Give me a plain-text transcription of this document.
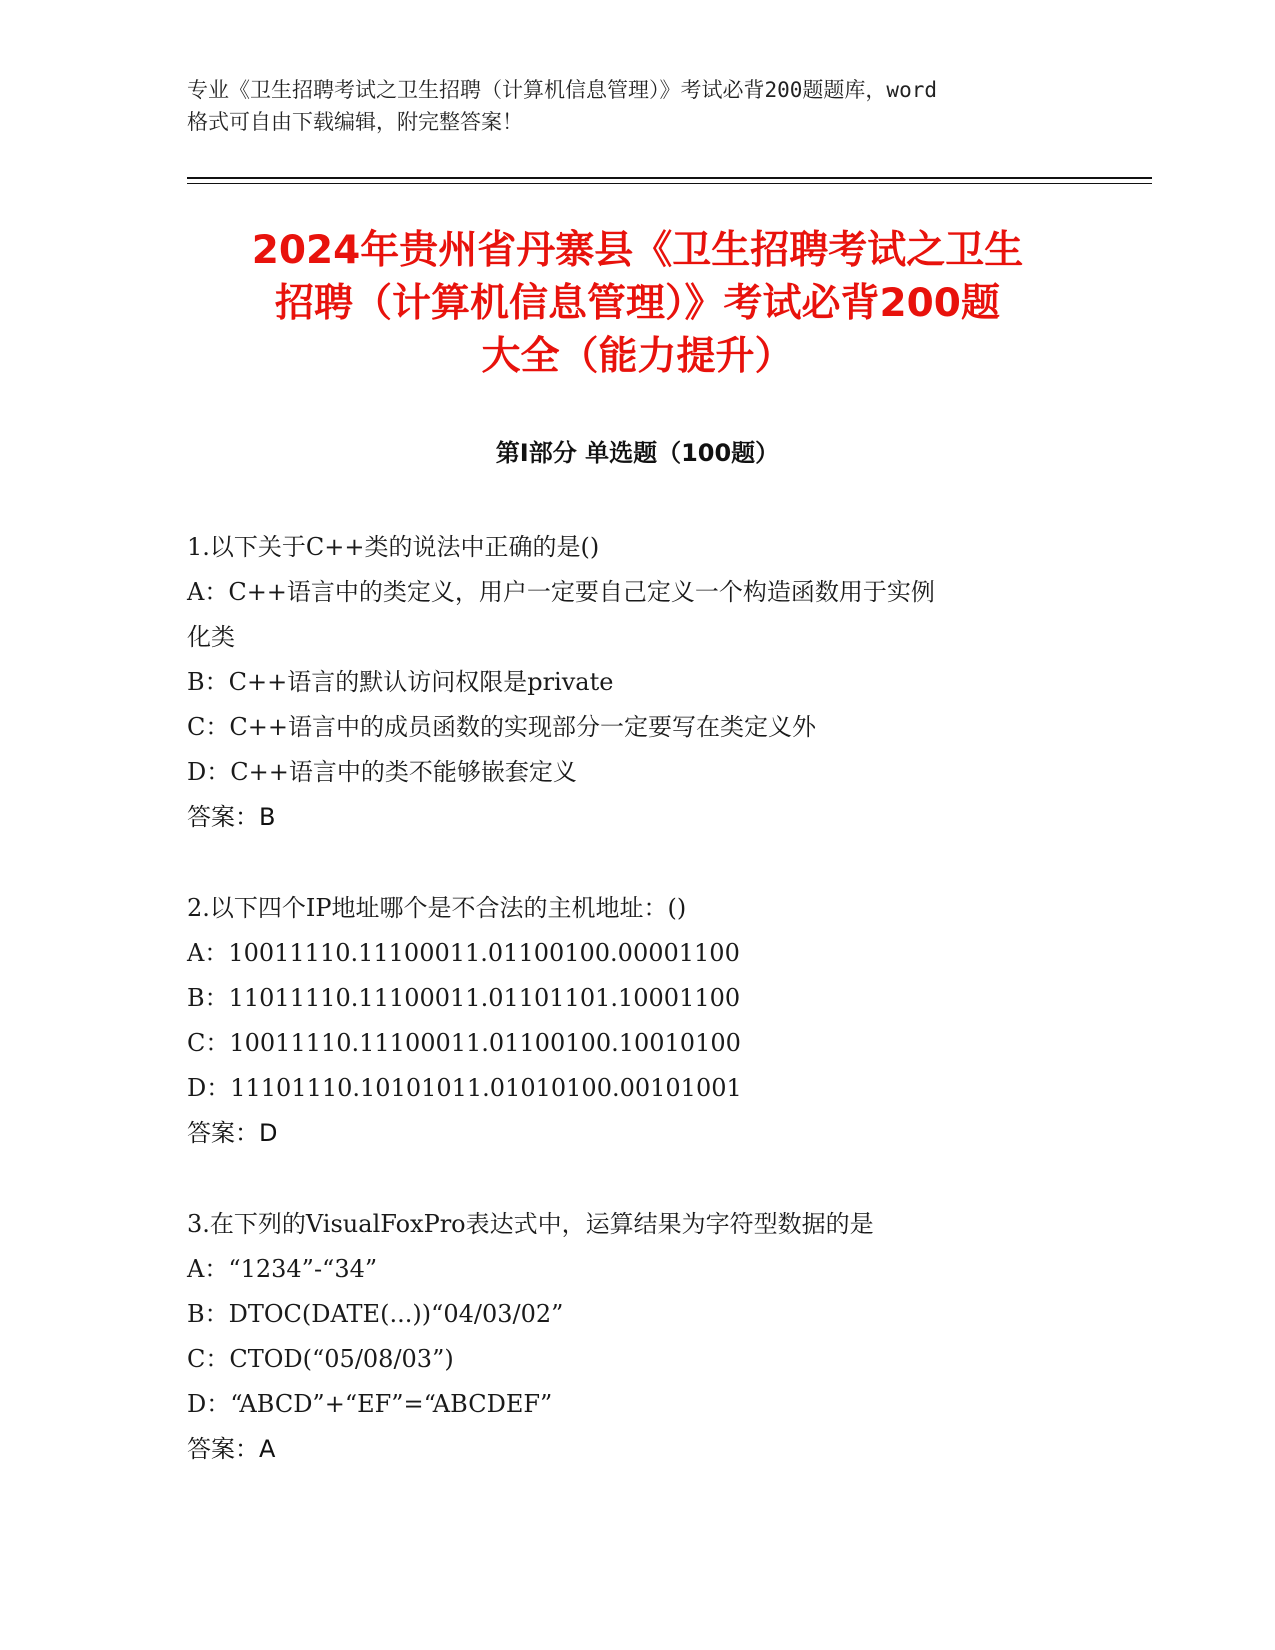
专业《卫生招聘考试之卫生招聘（计算机信息管理）》考试必背200题题库，word
格式可自由下载编辑，附完整答案！
2024年贵州省丹寨县《卫生招聘考试之卫生
招聘（计算机信息管理）》考试必背200题
大全（能力提升）
第Ⅰ部分 单选题（100题）
1.以下关于C++类的说法中正确的是()
A：C++语言中的类定义，用户一定要自己定义一个构造函数用于实例
化类
B：C++语言的默认访问权限是private
C：C++语言中的成员函数的实现部分一定要写在类定义外
D：C++语言中的类不能够嵌套定义
答案：B
2.以下四个IP地址哪个是不合法的主机地址：()
A：10011110.11100011.01100100.00001100
B：11011110.11100011.01101101.10001100
C：10011110.11100011.01100100.10010100
D：11101110.10101011.01010100.00101001
答案：D
3.在下列的VisualFoxPro表达式中，运算结果为字符型数据的是
A：“1234”-“34”
B：DTOC(DATE(...))“04/03/02”
C：CTOD(“05/08/03”)
D：“ABCD”+“EF”=“ABCDEF”
答案：A
